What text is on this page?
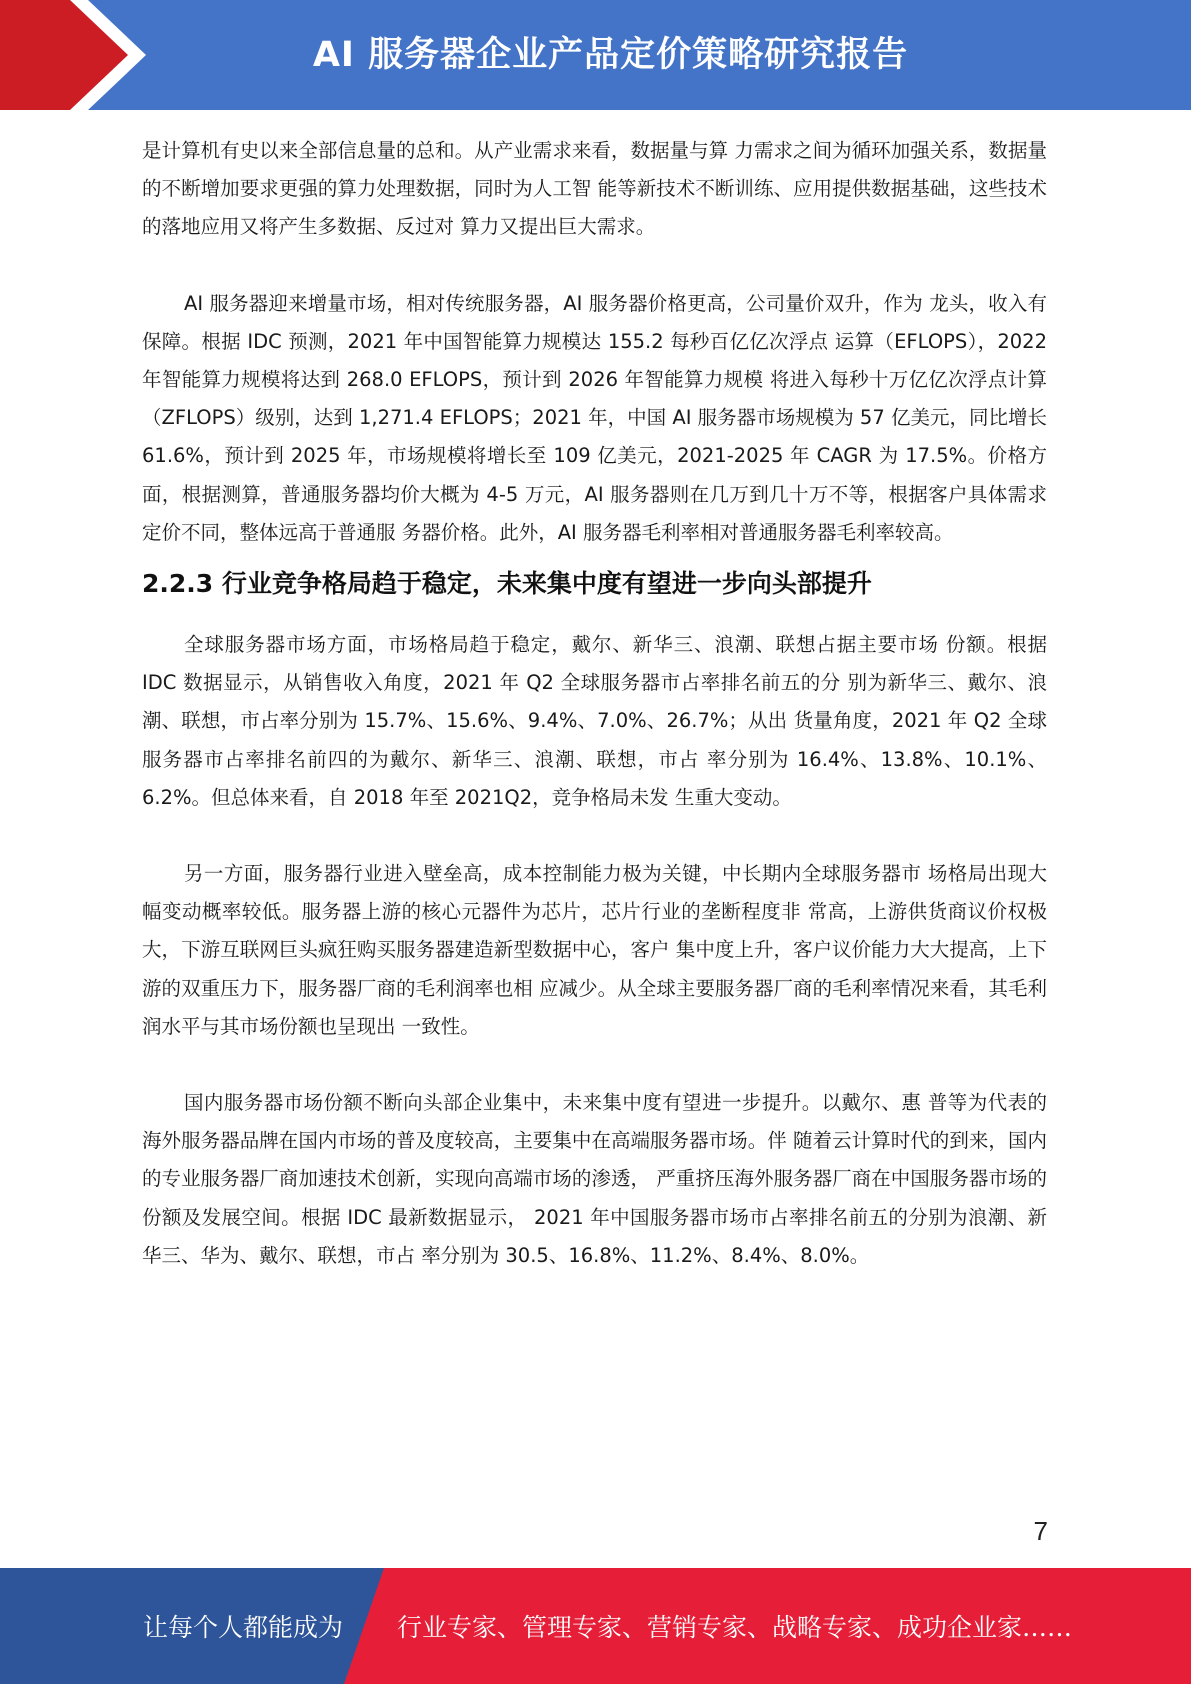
AI 服务器企业产品定价策略研究报告

是计算机有史以来全部信息量的总和。从产业需求来看，数据量与算 力需求之间为循环加强关系，数据量的不断增加要求更强的算力处理数据，同时为人工智 能等新技术不断训练、应用提供数据基础，这些技术的落地应用又将产生多数据、反过对 算力又提出巨大需求。

AI 服务器迎来增量市场，相对传统服务器，AI 服务器价格更高，公司量价双升，作为 龙头，收入有保障。根据 IDC 预测，2021 年中国智能算力规模达 155.2 每秒百亿亿次浮点 运算（EFLOPS），2022 年智能算力规模将达到 268.0 EFLOPS，预计到 2026 年智能算力规模 将进入每秒十万亿亿次浮点计算（ZFLOPS）级别，达到 1,271.4 EFLOPS；2021 年，中国 AI 服务器市场规模为 57 亿美元，同比增长 61.6%，预计到 2025 年，市场规模将增长至 109 亿美元，2021-2025 年 CAGR 为 17.5%。价格方面，根据测算，普通服务器均价大概为 4-5 万元，AI 服务器则在几万到几十万不等，根据客户具体需求定价不同，整体远高于普通服 务器价格。此外，AI 服务器毛利率相对普通服务器毛利率较高。

2.2.3 行业竞争格局趋于稳定，未来集中度有望进一步向头部提升

全球服务器市场方面，市场格局趋于稳定，戴尔、新华三、浪潮、联想占据主要市场 份额。根据 IDC 数据显示，从销售收入角度，2021 年 Q2 全球服务器市占率排名前五的分 别为新华三、戴尔、浪潮、联想，市占率分别为 15.7%、15.6%、9.4%、7.0%、26.7%；从出 货量角度，2021 年 Q2 全球服务器市占率排名前四的为戴尔、新华三、浪潮、联想，市占 率分别为 16.4%、13.8%、10.1%、6.2%。但总体来看，自 2018 年至 2021Q2，竞争格局未发 生重大变动。

另一方面，服务器行业进入壁垒高，成本控制能力极为关键，中长期内全球服务器市 场格局出现大幅变动概率较低。服务器上游的核心元器件为芯片，芯片行业的垄断程度非 常高，上游供货商议价权极大，下游互联网巨头疯狂购买服务器建造新型数据中心，客户 集中度上升，客户议价能力大大提高，上下游的双重压力下，服务器厂商的毛利润率也相 应减少。从全球主要服务器厂商的毛利率情况来看，其毛利润水平与其市场份额也呈现出 一致性。

国内服务器市场份额不断向头部企业集中，未来集中度有望进一步提升。以戴尔、惠 普等为代表的海外服务器品牌在国内市场的普及度较高，主要集中在高端服务器市场。伴 随着云计算时代的到来，国内的专业服务器厂商加速技术创新，实现向高端市场的渗透， 严重挤压海外服务器厂商在中国服务器市场的份额及发展空间。根据 IDC 最新数据显示， 2021 年中国服务器市场市占率排名前五的分别为浪潮、新华三、华为、戴尔、联想，市占 率分别为 30.5、16.8%、11.2%、8.4%、8.0%。

7
让每个人都能成为 行业专家、管理专家、营销专家、战略专家、成功企业家……
